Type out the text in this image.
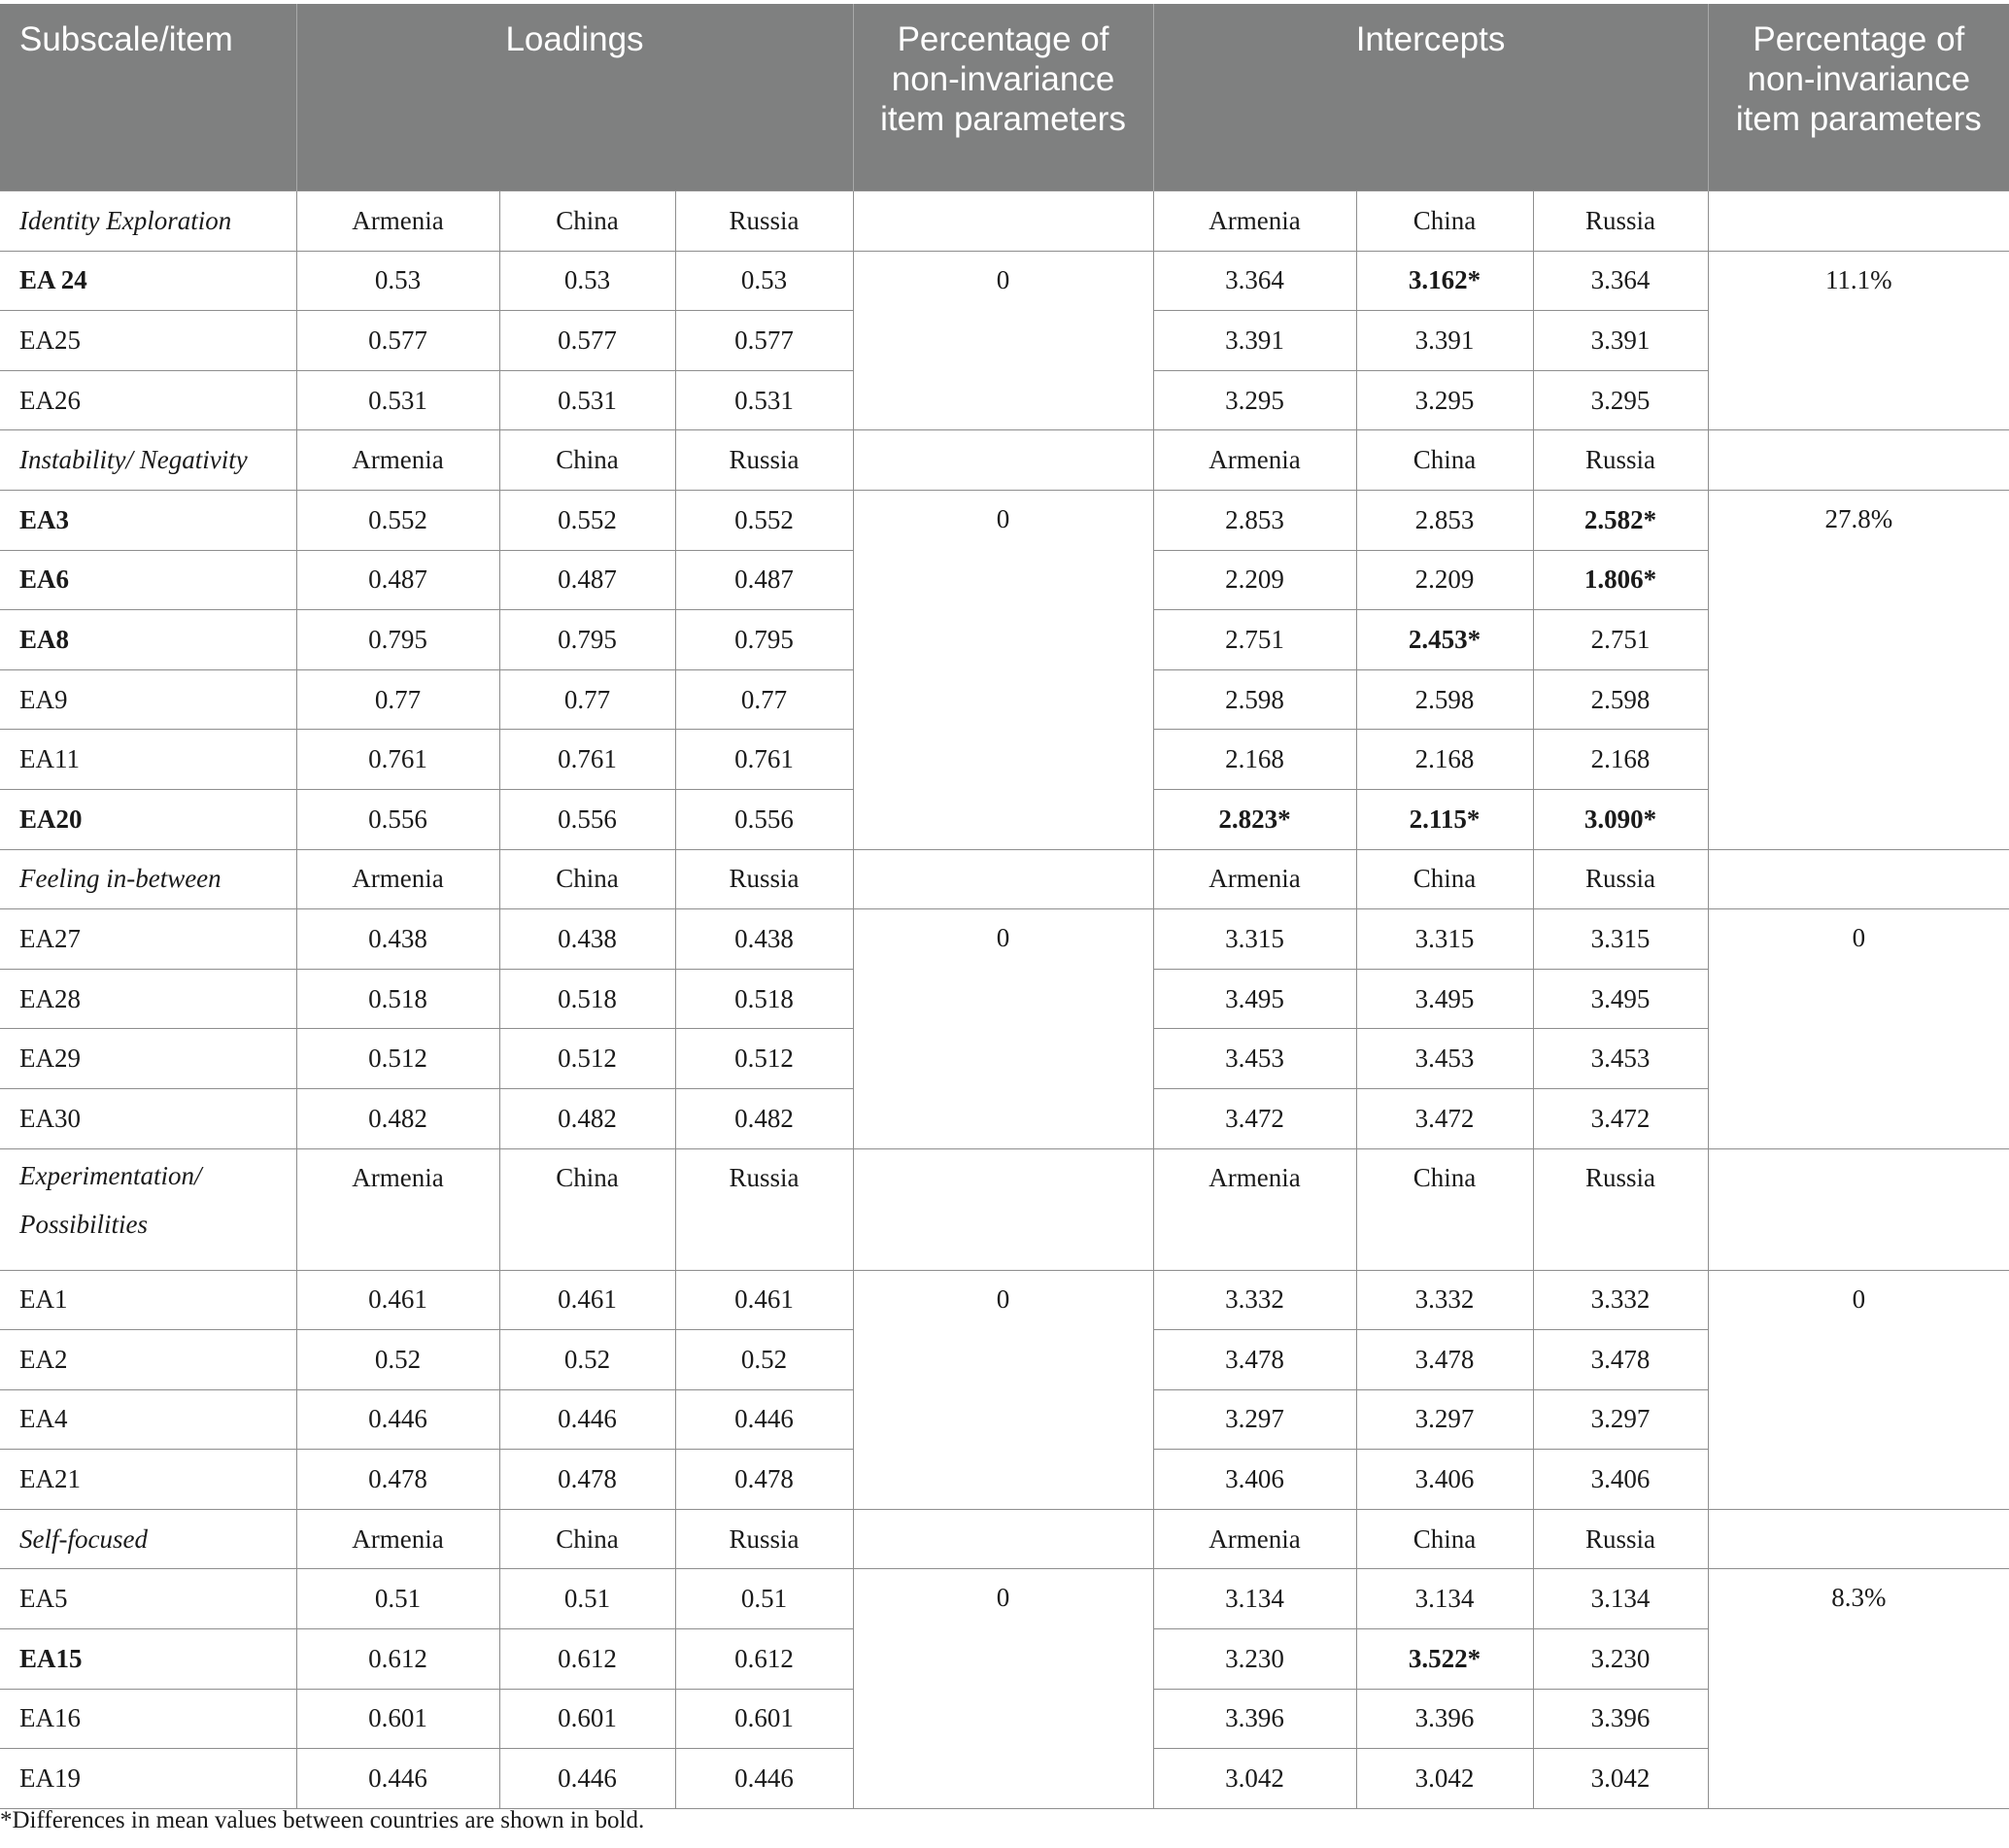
Subscale/item	Loadings			Percentage of non-invariance item parameters	Intercepts			Percentage of non-invariance item parameters
Identity Exploration	Armenia	China	Russia		Armenia	China	Russia	
EA 24	0.53	0.53	0.53	0	3.364	3.162*	3.364	11.1%
EA25	0.577	0.577	0.577		3.391	3.391	3.391	
EA26	0.531	0.531	0.531		3.295	3.295	3.295	
Instability/ Negativity	Armenia	China	Russia		Armenia	China	Russia	
EA3	0.552	0.552	0.552	0	2.853	2.853	2.582*	27.8%
EA6	0.487	0.487	0.487		2.209	2.209	1.806*	
EA8	0.795	0.795	0.795		2.751	2.453*	2.751	
EA9	0.77	0.77	0.77		2.598	2.598	2.598	
EA11	0.761	0.761	0.761		2.168	2.168	2.168	
EA20	0.556	0.556	0.556		2.823*	2.115*	3.090*	
Feeling in-between	Armenia	China	Russia		Armenia	China	Russia	
EA27	0.438	0.438	0.438	0	3.315	3.315	3.315	0
EA28	0.518	0.518	0.518		3.495	3.495	3.495	
EA29	0.512	0.512	0.512		3.453	3.453	3.453	
EA30	0.482	0.482	0.482		3.472	3.472	3.472	
Experimentation/ Possibilities	Armenia	China	Russia		Armenia	China	Russia	
EA1	0.461	0.461	0.461	0	3.332	3.332	3.332	0
EA2	0.52	0.52	0.52		3.478	3.478	3.478	
EA4	0.446	0.446	0.446		3.297	3.297	3.297	
EA21	0.478	0.478	0.478		3.406	3.406	3.406	
Self-focused	Armenia	China	Russia		Armenia	China	Russia	
EA5	0.51	0.51	0.51	0	3.134	3.134	3.134	8.3%
EA15	0.612	0.612	0.612		3.230	3.522*	3.230	
EA16	0.601	0.601	0.601		3.396	3.396	3.396	
EA19	0.446	0.446	0.446		3.042	3.042	3.042	
*Differences in mean values between countries are shown in bold.
